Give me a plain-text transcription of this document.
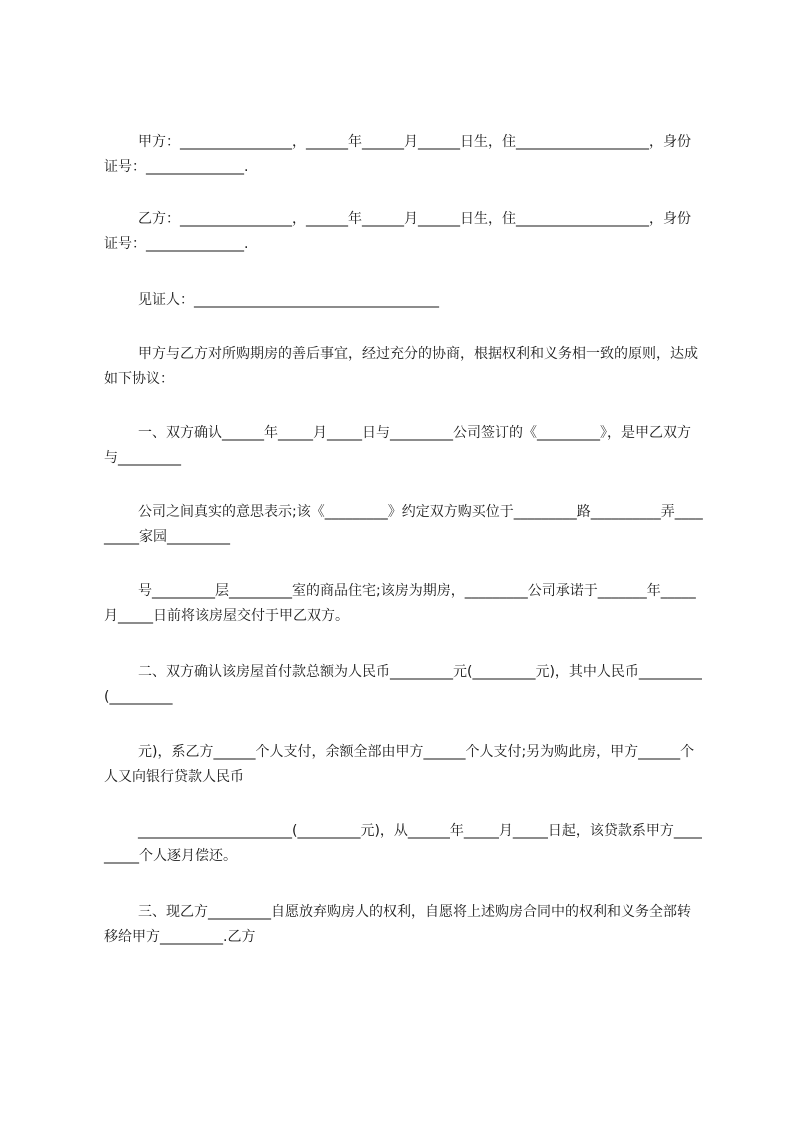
甲方：________________，______年______月______日生，住___________________，身份证号：______________.

乙方：________________，______年______月______日生，住___________________，身份证号：______________.

见证人：___________________________________

甲方与乙方对所购期房的善后事宜，经过充分的协商，根据权利和义务相一致的原则，达成如下协议：

一、双方确认______年_____月_____日与_________公司签订的《_________》，是甲乙双方与_________

公司之间真实的意思表示;该《_________》约定双方购买位于_________路__________弄_________家园_________

号_________层_________室的商品住宅;该房为期房，_________公司承诺于_______年_____月_____日前将该房屋交付于甲乙双方。

二、双方确认该房屋首付款总额为人民币_________元(_________元)，其中人民币_________(_________

元)，系乙方______个人支付，余额全部由甲方______个人支付;另为购此房，甲方______个人又向银行贷款人民币

______________________(_________元)，从______年_____月_____日起，该贷款系甲方_________个人逐月偿还。

三、现乙方_________自愿放弃购房人的权利，自愿将上述购房合同中的权利和义务全部转移给甲方_________.乙方
